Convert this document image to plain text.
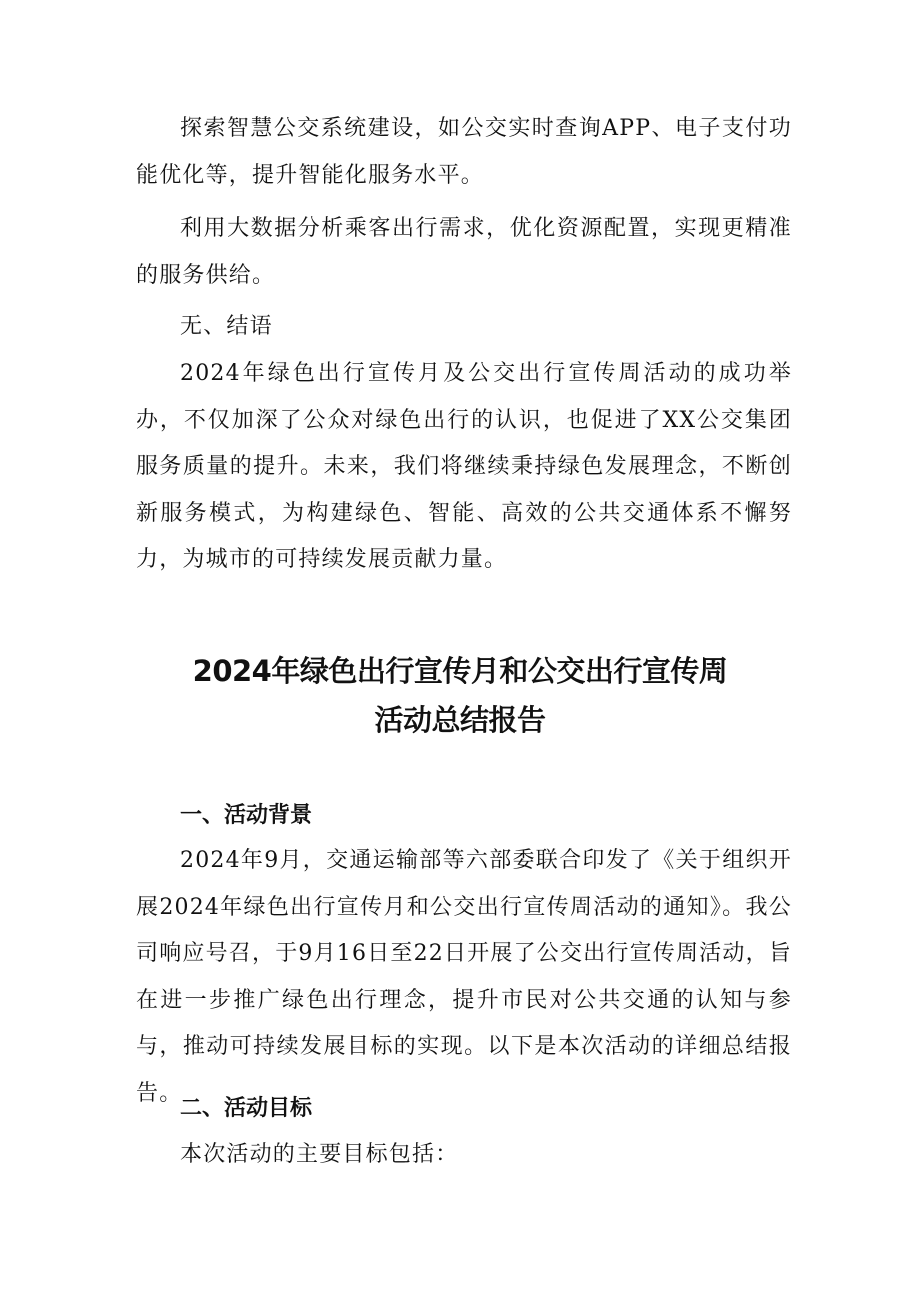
探索智慧公交系统建设，如公交实时查询APP、电子支付功能优化等，提升智能化服务水平。

利用大数据分析乘客出行需求，优化资源配置，实现更精准的服务供给。

无、结语

2024年绿色出行宣传月及公交出行宣传周活动的成功举办，不仅加深了公众对绿色出行的认识，也促进了XX公交集团服务质量的提升。未来，我们将继续秉持绿色发展理念，不断创新服务模式，为构建绿色、智能、高效的公共交通体系不懈努力，为城市的可持续发展贡献力量。

2024年绿色出行宣传月和公交出行宣传周
活动总结报告
一、活动背景

2024年9月，交通运输部等六部委联合印发了《关于组织开展2024年绿色出行宣传月和公交出行宣传周活动的通知》。我公司响应号召，于9月16日至22日开展了公交出行宣传周活动，旨在进一步推广绿色出行理念，提升市民对公共交通的认知与参与，推动可持续发展目标的实现。以下是本次活动的详细总结报告。

二、活动目标

本次活动的主要目标包括：
